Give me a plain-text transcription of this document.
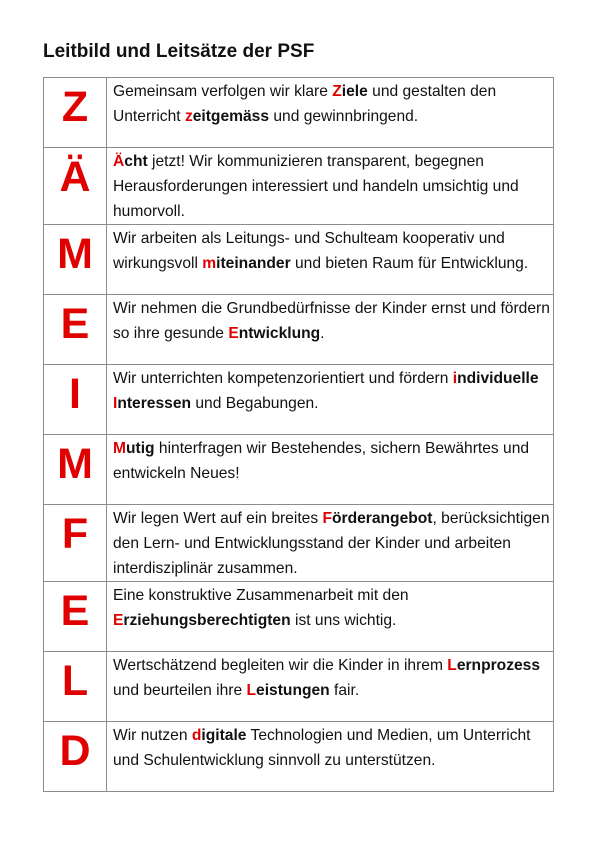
Leitbild und Leitsätze der PSF
Z	Gemeinsam verfolgen wir klare Ziele und gestalten den Unterricht zeitgemäss und gewinnbringend.

Ä	Ächt jetzt! Wir kommunizieren transparent, begegnen Herausforderungen interessiert und handeln umsichtig und humorvoll.

M	Wir arbeiten als Leitungs- und Schulteam kooperativ und wirkungsvoll miteinander und bieten Raum für Entwicklung.

E	Wir nehmen die Grundbedürfnisse der Kinder ernst und fördern so ihre gesunde Entwicklung.

I	Wir unterrichten kompetenzorientiert und fördern individuelle Interessen und Begabungen.

M	Mutig hinterfragen wir Bestehendes, sichern Bewährtes und entwickeln Neues!

F	Wir legen Wert auf ein breites Förderangebot, berücksichtigen den Lern- und Entwicklungsstand der Kinder und arbeiten interdisziplinär zusammen.

E	Eine konstruktive Zusammenarbeit mit den Erziehungsberechtigten ist uns wichtig.

L	Wertschätzend begleiten wir die Kinder in ihrem Lernprozess und beurteilen ihre Leistungen fair.

D	Wir nutzen digitale Technologien und Medien, um Unterricht und Schulentwicklung sinnvoll zu unterstützen.
